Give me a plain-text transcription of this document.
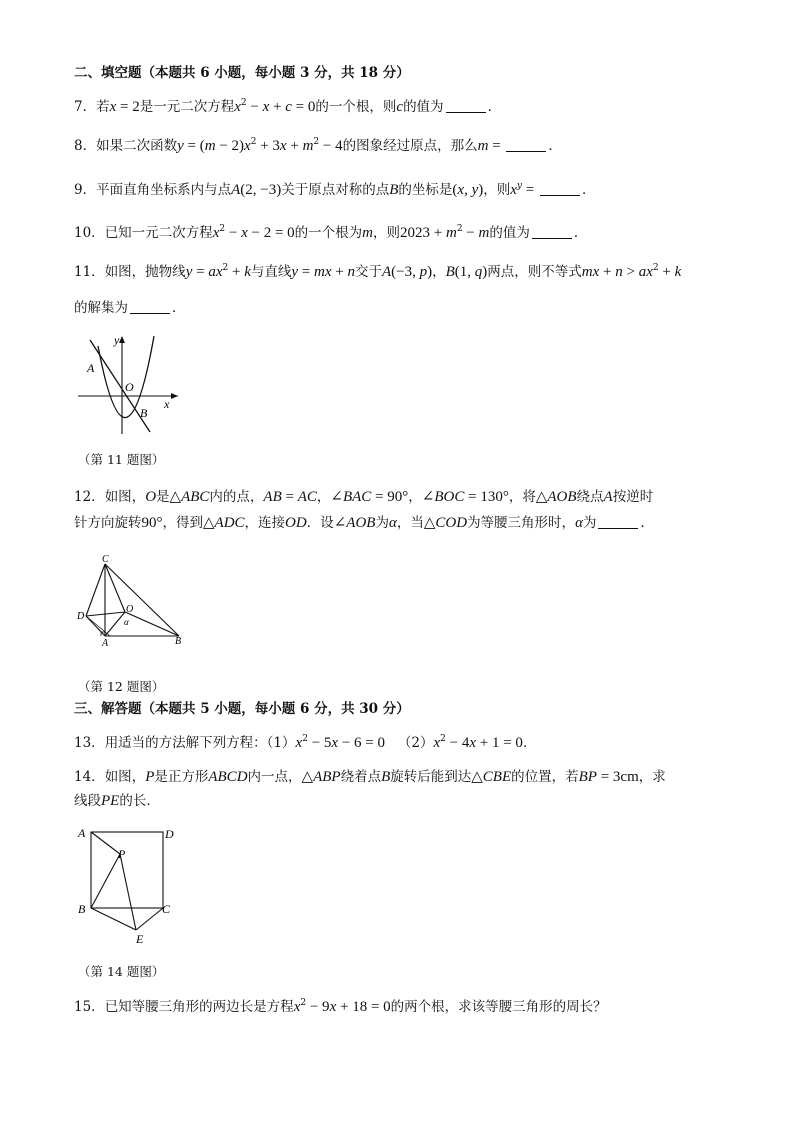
二、填空题（本题共 6 小题，每小题 3 分，共 18 分）
7．若x = 2是一元二次方程$x^2 - x + c = 0$的一个根，则c的值为	．
8．如果二次函数$y = (m - 2)x^2 + 3x + m^2 - 4$的图象经过原点，那么m =	．
9．平面直角坐标系内与点A(2, −3)关于原点对称的点B的坐标是(x, y)，则$x^y$ =	．
10．已知一元二次方程$x^2 - x - 2 = 0$的一个根为m，则$2023 + m^2 - m$的值为	．
11．如图，抛物线$y = ax^2 + k$与直线y = mx + n交于A(−3, p)，B(1, q)两点，则不等式mx + $n > ax^2 + k$
的解集为	．
y
A
O
B
x
（第 11 题图）
12．如图，O是△ABC内的点，AB = AC，∠BAC = 90°，∠BOC = 130°，将△AOB绕点A按逆时
针方向旋转90°，得到△ADC，连接OD．设∠AOB为α，当△COD为等腰三角形时，α为	．
C
D
O
α
A	B
（第 12 题图）
三、解答题（本题共 5 小题，每小题 6 分，共 30 分）
13．用适当的方法解下列方程：$(1)x^2 - 5x - 6 = 0$ $(2)x^2 - 4x + 1 = 0$．
14．如图，P是正方形ABCD内一点，△ABP绕着点B旋转后能到达△CBE的位置，若BP = 3cm，求
线段PE的长．
A	D
P
B	C
E
（第 14 题图）
15．已知等腰三角形的两边长是方程$x^2 - 9x + 18 = 0$的两个根，求该等腰三角形的周长？
